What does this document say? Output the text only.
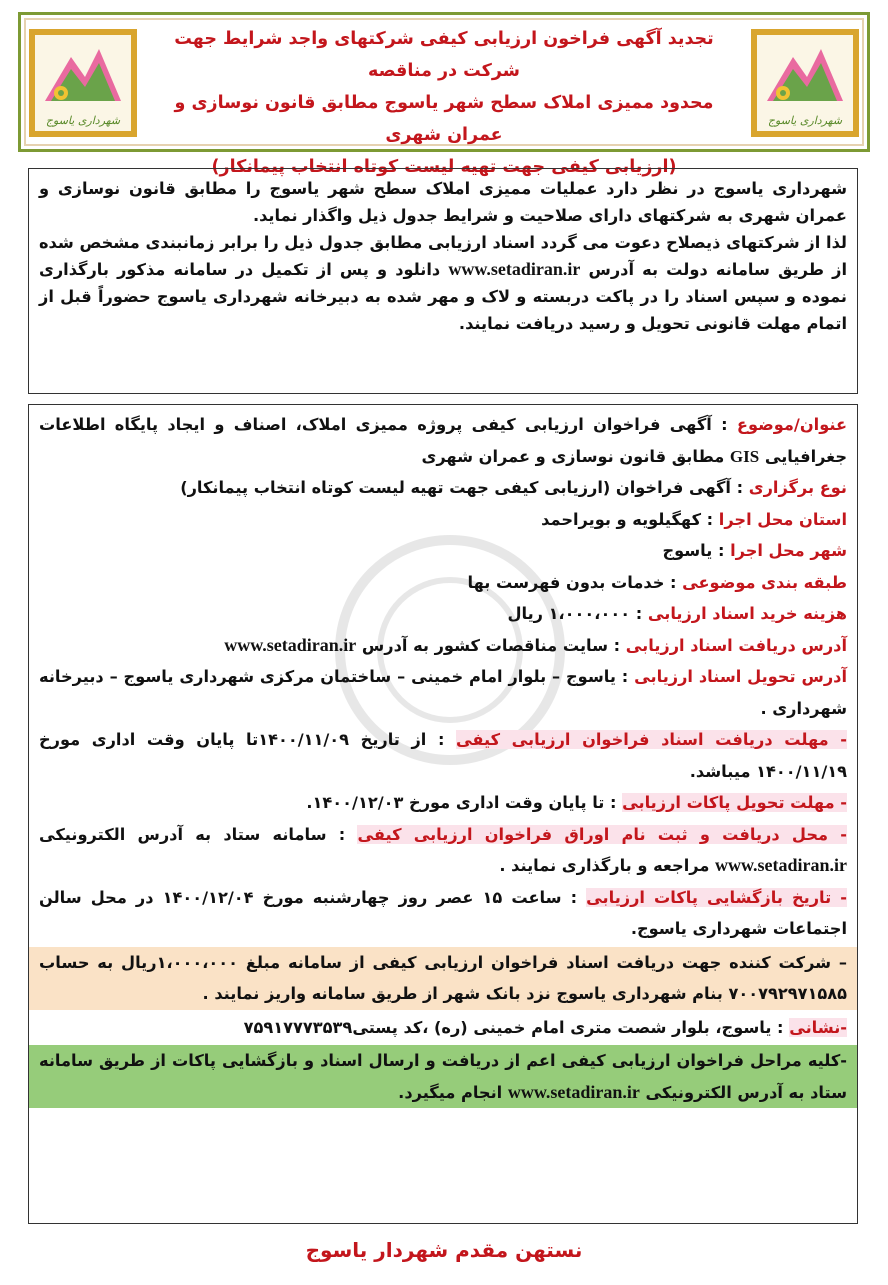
شهرداری یاسوج
تجدید آگهی فراخون ارزیابی کیفی شرکتهای واجد شرایط جهت شرکت در مناقصه
محدود ممیزی املاک سطح شهر یاسوج مطابق قانون نوسازی و عمران شهری
(ارزیابی کیفی جهت تهیه لیست کوتاه انتخاب پیمانکار)
شهرداری یاسوج

شهرداری یاسوج در نظر دارد عملیات ممیزی املاک سطح شهر یاسوج را مطابق قانون نوسازی و عمران شهری به شرکتهای دارای صلاحیت و شرایط جدول ذیل واگذار نماید.

لذا از شرکتهای ذیصلاح دعوت می گردد اسناد ارزیابی مطابق جدول ذیل را برابر زمانبندی مشخص شده از طریق سامانه دولت به آدرس www.setadiran.ir دانلود و پس از تکمیل در سامانه مذکور بارگذاری نموده و سپس اسناد را در پاکت دربسته و لاک و مهر شده به دبیرخانه شهرداری یاسوج حضوراً قبل از اتمام مهلت قانونی تحویل و رسید دریافت نمایند.

عنوان/موضوع : آگهی فراخوان ارزیابی کیفی پروژه ممیزی املاک، اصناف و ایجاد پایگاه اطلاعات جغرافیایی GIS مطابق قانون نوسازی و عمران شهری

نوع برگزاری : آگهی فراخوان (ارزیابی کیفی جهت تهیه لیست کوتاه انتخاب پیمانکار)

استان محل اجرا : کهگیلویه و بویراحمد

شهر محل اجرا : یاسوج

طبقه بندی موضوعی : خدمات بدون فهرست بها

هزینه خرید اسناد ارزیابی : ۱،۰۰۰،۰۰۰ ریال

آدرس دریافت اسناد ارزیابی : سایت مناقصات کشور به آدرس www.setadiran.ir

آدرس تحویل اسناد ارزیابی : یاسوج – بلوار امام خمینی – ساختمان مرکزی شهرداری یاسوج – دبیرخانه شهرداری .

- مهلت دریافت اسناد فراخوان ارزیابی کیفی : از تاریخ ۱۴۰۰/۱۱/۰۹تا پایان وقت اداری مورخ ۱۴۰۰/۱۱/۱۹ میباشد.

- مهلت تحویل پاکات ارزیابی : تا پایان وقت اداری مورخ ۱۴۰۰/۱۲/۰۳.

- محل دریافت و ثبت نام اوراق فراخوان ارزیابی کیفی : سامانه ستاد به آدرس الکترونیکی www.setadiran.ir مراجعه و بارگذاری نمایند .

- تاریخ بازگشایی پاکات ارزیابی : ساعت ۱۵ عصر روز چهارشنبه مورخ ۱۴۰۰/۱۲/۰۴ در محل سالن اجتماعات شهرداری یاسوج.

– شرکت کننده جهت دریافت اسناد فراخوان ارزیابی کیفی از سامانه مبلغ ۱،۰۰۰،۰۰۰ریال به حساب ۷۰۰۷۹۲۹۷۱۵۸۵ بنام شهرداری یاسوج نزد بانک شهر از طریق سامانه واریز نمایند .

-نشانی : یاسوج، بلوار شصت متری امام خمینی (ره) ،کد پستی۷۵۹۱۷۷۷۳۵۳۹

-کلیه مراحل فراخوان ارزیابی کیفی اعم از دریافت و ارسال اسناد و بازگشایی پاکات از طریق سامانه ستاد به آدرس الکترونیکی www.setadiran.ir انجام میگیرد.

نستهن مقدم شهردار یاسوج
